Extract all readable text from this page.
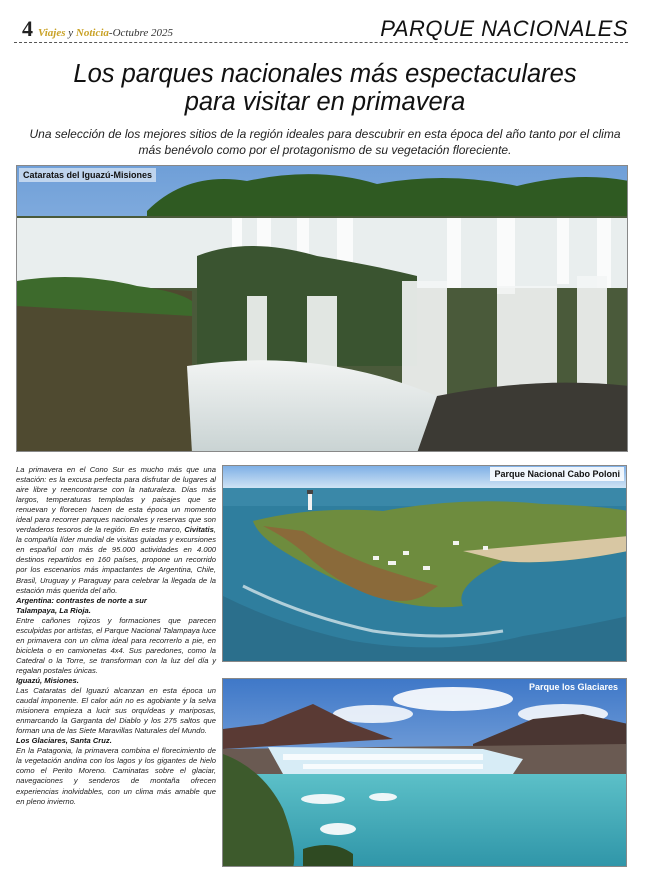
4 Viajes y Noticia-Octubre 2025	PARQUE NACIONALES
Los parques nacionales más espectaculares
para visitar en primavera
Una selección de los mejores sitios de la región ideales para descubrir en esta época del año tanto por el clima
más benévolo como por el protagonismo de su vegetación floreciente.
Cataratas del Iguazú-Misiones

La primavera en el Cono Sur es mucho más que una estación: es la excusa perfecta para disfrutar de lugares al aire libre y reencontrarse con la naturaleza. Días más largos, temperaturas templadas y paisajes que se renuevan y florecen hacen de esta época un momento ideal para recorrer parques nacionales y reservas que son verdaderos tesoros de la región. En este marco, Civitatis, la compañía líder mundial de visitas guiadas y excursiones en español con más de 95.000 actividades en 4.000 destinos repartidos en 160 países, propone un recorrido por los escenarios más impactantes de Argentina, Chile, Brasil, Uruguay y Paraguay para celebrar la llegada de la estación más querida del año.

Argentina: contrastes de norte a sur

Talampaya, La Rioja.

Entre cañones rojizos y formaciones que parecen esculpidas por artistas, el Parque Nacional Talampaya luce en primavera con un clima ideal para recorrerlo a pie, en bicicleta o en camionetas 4x4. Sus paredones, como la Catedral o la Torre, se transforman con la luz del día y regalan postales únicas.

Iguazú, Misiones.

Las Cataratas del Iguazú alcanzan en esta época un caudal imponente. El calor aún no es agobiante y la selva misionera empieza a lucir sus orquídeas y mariposas, enmarcando la Garganta del Diablo y los 275 saltos que forman una de las Siete Maravillas Naturales del Mundo.

Los Glaciares, Santa Cruz.

En la Patagonia, la primavera combina el florecimiento de la vegetación andina con los lagos y los gigantes de hielo como el Perito Moreno. Caminatas sobre el glaciar, navegaciones y senderos de montaña ofrecen experiencias inolvidables, con un clima más amable que en pleno invierno.

Parque Nacional Cabo Poloni
Parque los Glaciares
